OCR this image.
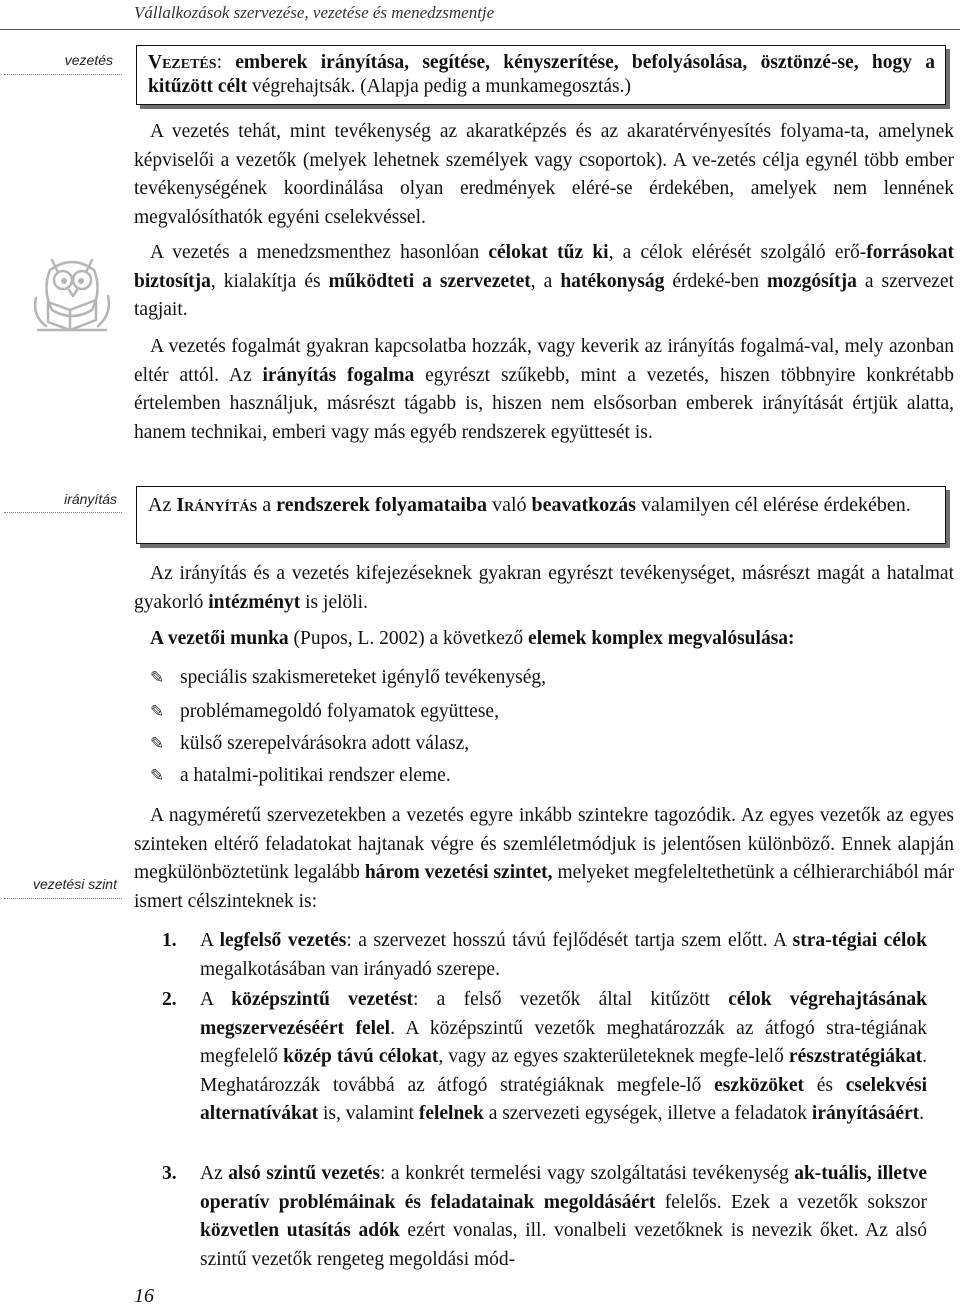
Vállalkozások szervezése, vezetése és menedzsmentje
vezetés
irányítás
vezetési szint
Vezetés: emberek irányítása, segítése, kényszerítése, befolyásolása, ösztönzé-se, hogy a kitűzött célt végrehajtsák. (Alapja pedig a munkamegosztás.)
A vezetés tehát, mint tevékenység az akaratképzés és az akaratérvényesítés folyama-ta, amelynek képviselői a vezetők (melyek lehetnek személyek vagy csoportok). A ve-zetés célja egynél több ember tevékenységének koordinálása olyan eredmények eléré-se érdekében, amelyek nem lennének megvalósíthatók egyéni cselekvéssel.
A vezetés a menedzsmenthez hasonlóan célokat tűz ki, a célok elérését szolgáló erő-forrásokat biztosítja, kialakítja és működteti a szervezetet, a hatékonyság érdeké-ben mozgósítja a szervezet tagjait.
A vezetés fogalmát gyakran kapcsolatba hozzák, vagy keverik az irányítás fogalmá-val, mely azonban eltér attól. Az irányítás fogalma egyrészt szűkebb, mint a vezetés, hiszen többnyire konkrétabb értelemben használjuk, másrészt tágabb is, hiszen nem elsősorban emberek irányítását értjük alatta, hanem technikai, emberi vagy más egyéb rendszerek együttesét is.
Az Irányítás a rendszerek folyamataiba való beavatkozás valamilyen cél elérése érdekében.
Az irányítás és a vezetés kifejezéseknek gyakran egyrészt tevékenységet, másrészt magát a hatalmat gyakorló intézményt is jelöli.
A vezetői munka (Pupos, L. 2002) a következő elemek komplex megvalósulása:
✎ speciális szakismereteket igénylő tevékenység,
✎ problémamegoldó folyamatok együttese,
✎ külső szerepelvárásokra adott válasz,
✎ a hatalmi-politikai rendszer eleme.
A nagyméretű szervezetekben a vezetés egyre inkább szintekre tagozódik. Az egyes vezetők az egyes szinteken eltérő feladatokat hajtanak végre és szemléletmódjuk is jelentősen különböző. Ennek alapján megkülönböztetünk legalább három vezetési szintet, melyeket megfeleltethetünk a célhierarchiából már ismert célszinteknek is:
1. A legfelső vezetés: a szervezet hosszú távú fejlődését tartja szem előtt. A stra-tégiai célok megalkotásában van irányadó szerepe.
2. A középszintű vezetést: a felső vezetők által kitűzött célok végrehajtásának megszervezéséért felel. A középszintű vezetők meghatározzák az átfogó stra-tégiának megfelelő közép távú célokat, vagy az egyes szakterületeknek megfe-lelő részstratégiákat. Meghatározzák továbbá az átfogó stratégiáknak megfele-lő eszközöket és cselekvési alternatívákat is, valamint felelnek a szervezeti egységek, illetve a feladatok irányításáért.
3. Az alsó szintű vezetés: a konkrét termelési vagy szolgáltatási tevékenység ak-tuális, illetve operatív problémáinak és feladatainak megoldásáért felelős. Ezek a vezetők sokszor közvetlen utasítás adók ezért vonalas, ill. vonalbeli vezetőknek is nevezik őket. Az alsó szintű vezetők rengeteg megoldási mód-
16
